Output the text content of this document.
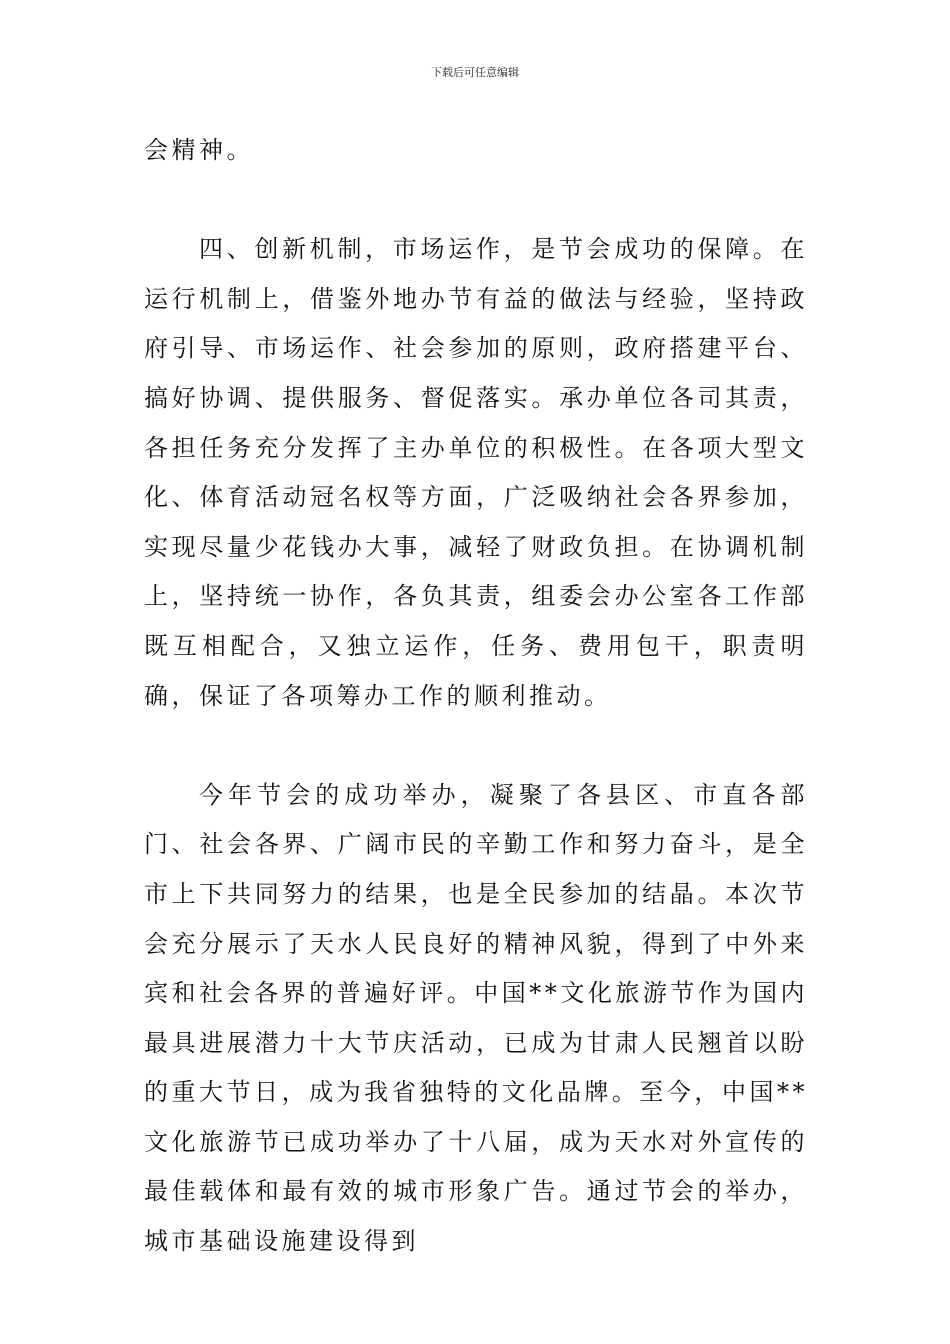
下载后可任意编辑

会精神。

四、创新机制，市场运作，是节会成功的保障。在运行机制上，借鉴外地办节有益的做法与经验，坚持政府引导、市场运作、社会参加的原则，政府搭建平台、搞好协调、提供服务、督促落实。承办单位各司其责，各担任务充分发挥了主办单位的积极性。在各项大型文化、体育活动冠名权等方面，广泛吸纳社会各界参加，实现尽量少花钱办大事，减轻了财政负担。在协调机制上，坚持统一协作，各负其责，组委会办公室各工作部既互相配合，又独立运作，任务、费用包干，职责明确，保证了各项筹办工作的顺利推动。

今年节会的成功举办，凝聚了各县区、市直各部门、社会各界、广阔市民的辛勤工作和努力奋斗，是全市上下共同努力的结果，也是全民参加的结晶。本次节会充分展示了天水人民良好的精神风貌，得到了中外来宾和社会各界的普遍好评。中国**文化旅游节作为国内最具进展潜力十大节庆活动，已成为甘肃人民翘首以盼的重大节日，成为我省独特的文化品牌。至今，中国**文化旅游节已成功举办了十八届，成为天水对外宣传的最佳载体和最有效的城市形象广告。通过节会的举办，城市基础设施建设得到
